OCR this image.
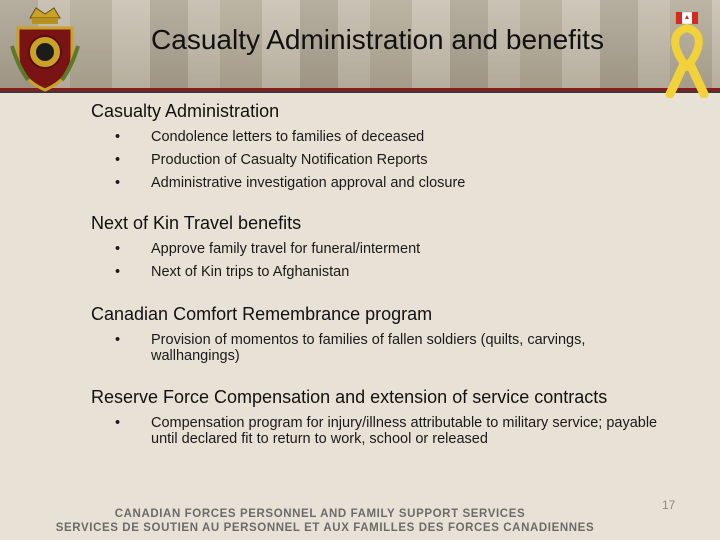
Casualty Administration and benefits
Casualty Administration
• Condolence letters to families of deceased
• Production of Casualty Notification Reports
• Administrative investigation approval and closure
Next of Kin Travel benefits
• Approve family travel for funeral/interment
• Next of Kin trips to Afghanistan
Canadian Comfort Remembrance program
• Provision of momentos to families of fallen soldiers (quilts, carvings, wallhangings)
Reserve Force Compensation and extension of service contracts
• Compensation program for injury/illness attributable to military service; payable until declared fit to return to work, school or released
17
CANADIAN FORCES PERSONNEL AND FAMILY SUPPORT SERVICES
SERVICES DE SOUTIEN AU PERSONNEL ET AUX FAMILLES DES FORCES CANADIENNES
